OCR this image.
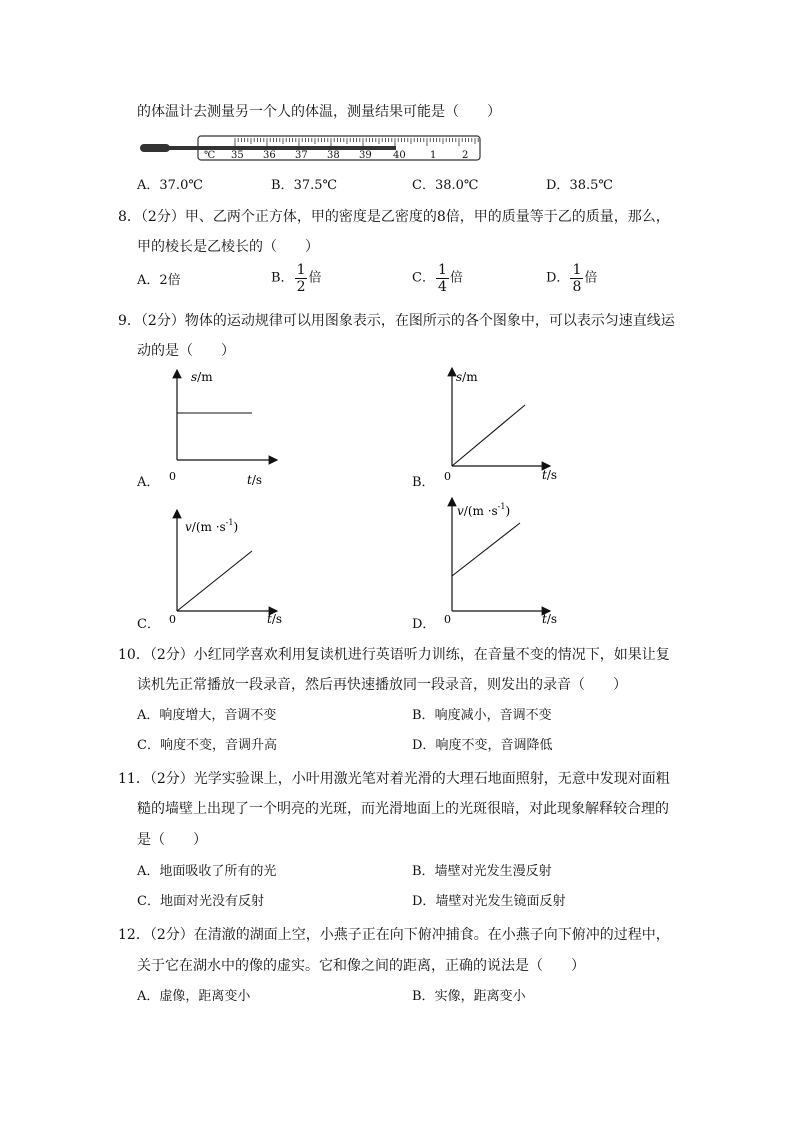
的体温计去测量另一个人的体温，测量结果可能是（　　）
℃ 35 36 37 38 39 40 1	2
A．37.0℃	B．37.5℃	C．38.0℃	D．38.5℃
8．（2分）甲、乙两个正方体，甲的密度是乙密度的8倍，甲的质量等于乙的质量，那么，
甲的棱长是乙棱长的（　　）
A．2倍	B． $\frac{1}{2}$ 倍	C． $\frac{1}{4}$ 倍	D． $\frac{1}{8}$ 倍
9．（2分）物体的运动规律可以用图象表示，在图所示的各个图象中，可以表示匀速直线运
动的是（　　）
A．
s/m
0	t/s	B．
s/m
0	t/s
C．
$v/(m \cdot s^{-1})$
0	t/s	D．
$v/(m \cdot s^{-1})$
0	t/s
10．（2分）小红同学喜欢利用复读机进行英语听力训练，在音量不变的情况下，如果让复
读机先正常播放一段录音，然后再快速播放同一段录音，则发出的录音（　　）
A．响度增大，音调不变	B．响度减小，音调不变
C．响度不变，音调升高	D．响度不变，音调降低
11．（2分）光学实验课上，小叶用激光笔对着光滑的大理石地面照射，无意中发现对面粗
糙的墙壁上出现了一个明亮的光斑，而光滑地面上的光斑很暗，对此现象解释较合理的
是（　　）
A．地面吸收了所有的光	B．墙壁对光发生漫反射
C．地面对光没有反射	D．墙壁对光发生镜面反射
12．（2分）在清澈的湖面上空，小燕子正在向下俯冲捕食。在小燕子向下俯冲的过程中，
关于它在湖水中的像的虚实。它和像之间的距离，正确的说法是（　　）
A．虚像，距离变小	B．实像，距离变小
